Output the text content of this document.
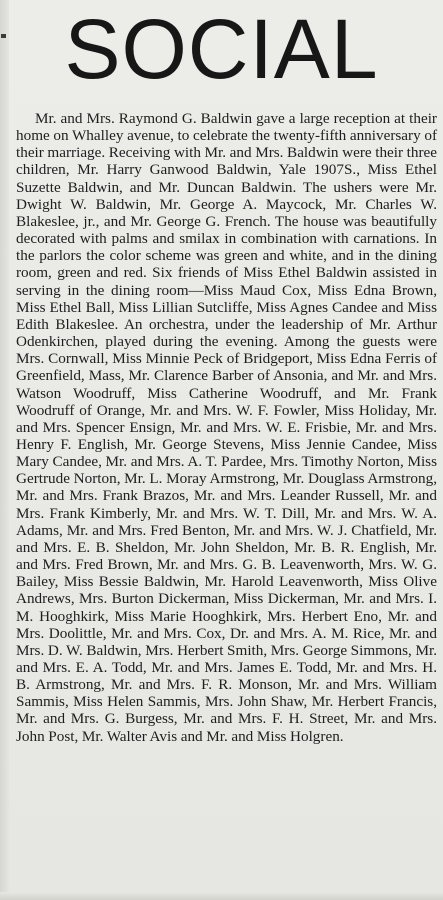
SOCIAL

Mr. and Mrs. Raymond G. Baldwin gave a large reception at their home on Whalley avenue, to celebrate the twenty-fifth anniversary of their marriage. Receiving with Mr. and Mrs. Baldwin were their three children, Mr. Harry Ganwood Baldwin, Yale 1907S., Miss Ethel Suzette Baldwin, and Mr. Duncan Baldwin. The ushers were Mr. Dwight W. Baldwin, Mr. George A. Maycock, Mr. Charles W. Blakeslee, jr., and Mr. George G. French. The house was beautifully decorated with palms and smilax in combination with carnations. In the parlors the color scheme was green and white, and in the dining room, green and red. Six friends of Miss Ethel Baldwin assisted in serving in the dining room—Miss Maud Cox, Miss Edna Brown, Miss Ethel Ball, Miss Lillian Sutcliffe, Miss Agnes Candee and Miss Edith Blakeslee. An orchestra, under the leadership of Mr. Arthur Odenkirchen, played during the evening. Among the guests were Mrs. Cornwall, Miss Minnie Peck of Bridgeport, Miss Edna Ferris of Greenfield, Mass, Mr. Clarence Barber of Ansonia, and Mr. and Mrs. Watson Woodruff, Miss Catherine Woodruff, and Mr. Frank Woodruff of Orange, Mr. and Mrs. W. F. Fowler, Miss Holiday, Mr. and Mrs. Spencer Ensign, Mr. and Mrs. W. E. Frisbie, Mr. and Mrs. Henry F. English, Mr. George Stevens, Miss Jennie Candee, Miss Mary Candee, Mr. and Mrs. A. T. Pardee, Mrs. Timothy Norton, Miss Gertrude Norton, Mr. L. Moray Armstrong, Mr. Douglass Armstrong, Mr. and Mrs. Frank Brazos, Mr. and Mrs. Leander Russell, Mr. and Mrs. Frank Kimberly, Mr. and Mrs. W. T. Dill, Mr. and Mrs. W. A. Adams, Mr. and Mrs. Fred Benton, Mr. and Mrs. W. J. Chatfield, Mr. and Mrs. E. B. Sheldon, Mr. John Sheldon, Mr. B. R. English, Mr. and Mrs. Fred Brown, Mr. and Mrs. G. B. Leavenworth, Mrs. W. G. Bailey, Miss Bessie Baldwin, Mr. Harold Leavenworth, Miss Olive Andrews, Mrs. Burton Dickerman, Miss Dickerman, Mr. and Mrs. I. M. Hooghkirk, Miss Marie Hooghkirk, Mrs. Herbert Eno, Mr. and Mrs. Doolittle, Mr. and Mrs. Cox, Dr. and Mrs. A. M. Rice, Mr. and Mrs. D. W. Baldwin, Mrs. Herbert Smith, Mrs. George Simmons, Mr. and Mrs. E. A. Todd, Mr. and Mrs. James E. Todd, Mr. and Mrs. H. B. Armstrong, Mr. and Mrs. F. R. Monson, Mr. and Mrs. William Sammis, Miss Helen Sammis, Mrs. John Shaw, Mr. Herbert Francis, Mr. and Mrs. G. Burgess, Mr. and Mrs. F. H. Street, Mr. and Mrs. John Post, Mr. Walter Avis and Mr. and Miss Holgren.
